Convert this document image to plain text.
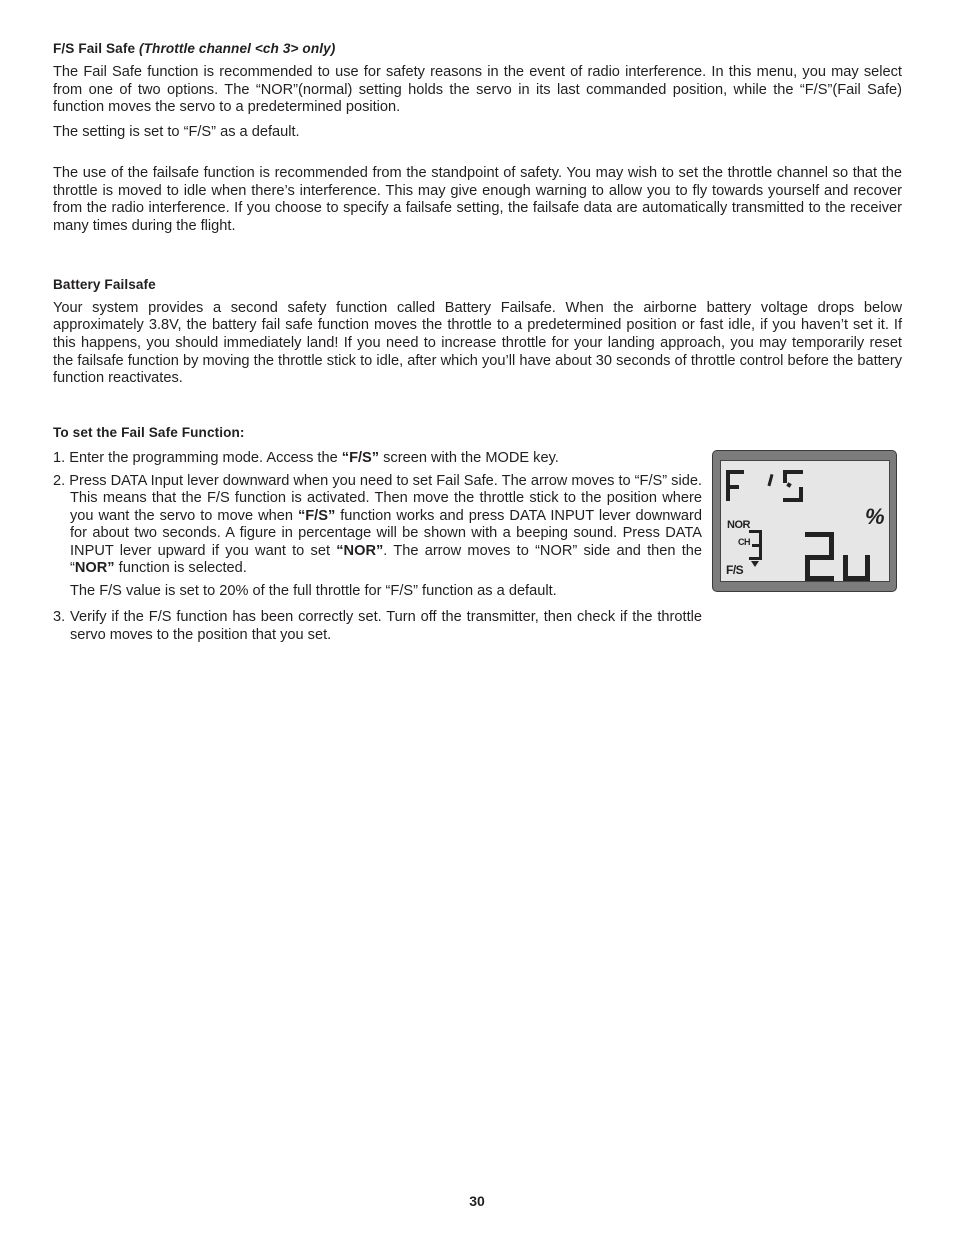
F/S Fail Safe (Throttle channel <ch 3> only)

The Fail Safe function is recommended to use for safety reasons in the event of radio interference. In this menu, you may select from one of two options. The “NOR”(normal) setting holds the servo in its last commanded position, while the “F/S”(Fail Safe) function moves the servo to a predetermined position.

The setting is set to “F/S” as a default.

The use of the failsafe function is recommended from the standpoint of safety. You may wish to set the throttle channel so that the throttle is moved to idle when there’s interference. This may give enough warning to allow you to fly towards yourself and recover from the radio interference. If you choose to specify a failsafe setting, the failsafe data are automatically transmitted to the receiver many times during the flight.

Battery Failsafe

Your system provides a second safety function called Battery Failsafe. When the airborne battery voltage drops below approximately 3.8V, the battery fail safe function moves the throttle to a predetermined position or fast idle, if you haven’t set it. If this happens, you should immediately land! If you need to increase throttle for your landing approach, you may temporarily reset the failsafe function by moving the throttle stick to idle, after which you’ll have about 30 seconds of throttle control before the battery function reactivates.

To set the Fail Safe Function:
1. Enter the programming mode. Access the “F/S” screen with the MODE key.
2. Press DATA Input lever downward when you need to set Fail Safe. The arrow moves to “F/S” side. This means that the F/S function is activated. Then move the throttle stick to the position where you want the servo to move when “F/S” function works and press DATA INPUT lever downward for about two seconds. A figure in percentage will be shown with a beeping sound. Press DATA INPUT lever upward if you want to set “NOR”. The arrow moves to “NOR” side and then the “NOR” function is selected.
The F/S value is set to 20% of the full throttle for “F/S” function as a default.
3. Verify if the F/S function has been correctly set. Turn off the transmitter, then check if the throttle servo moves to the position that you set.
NOR
CH
F/S
%
30
